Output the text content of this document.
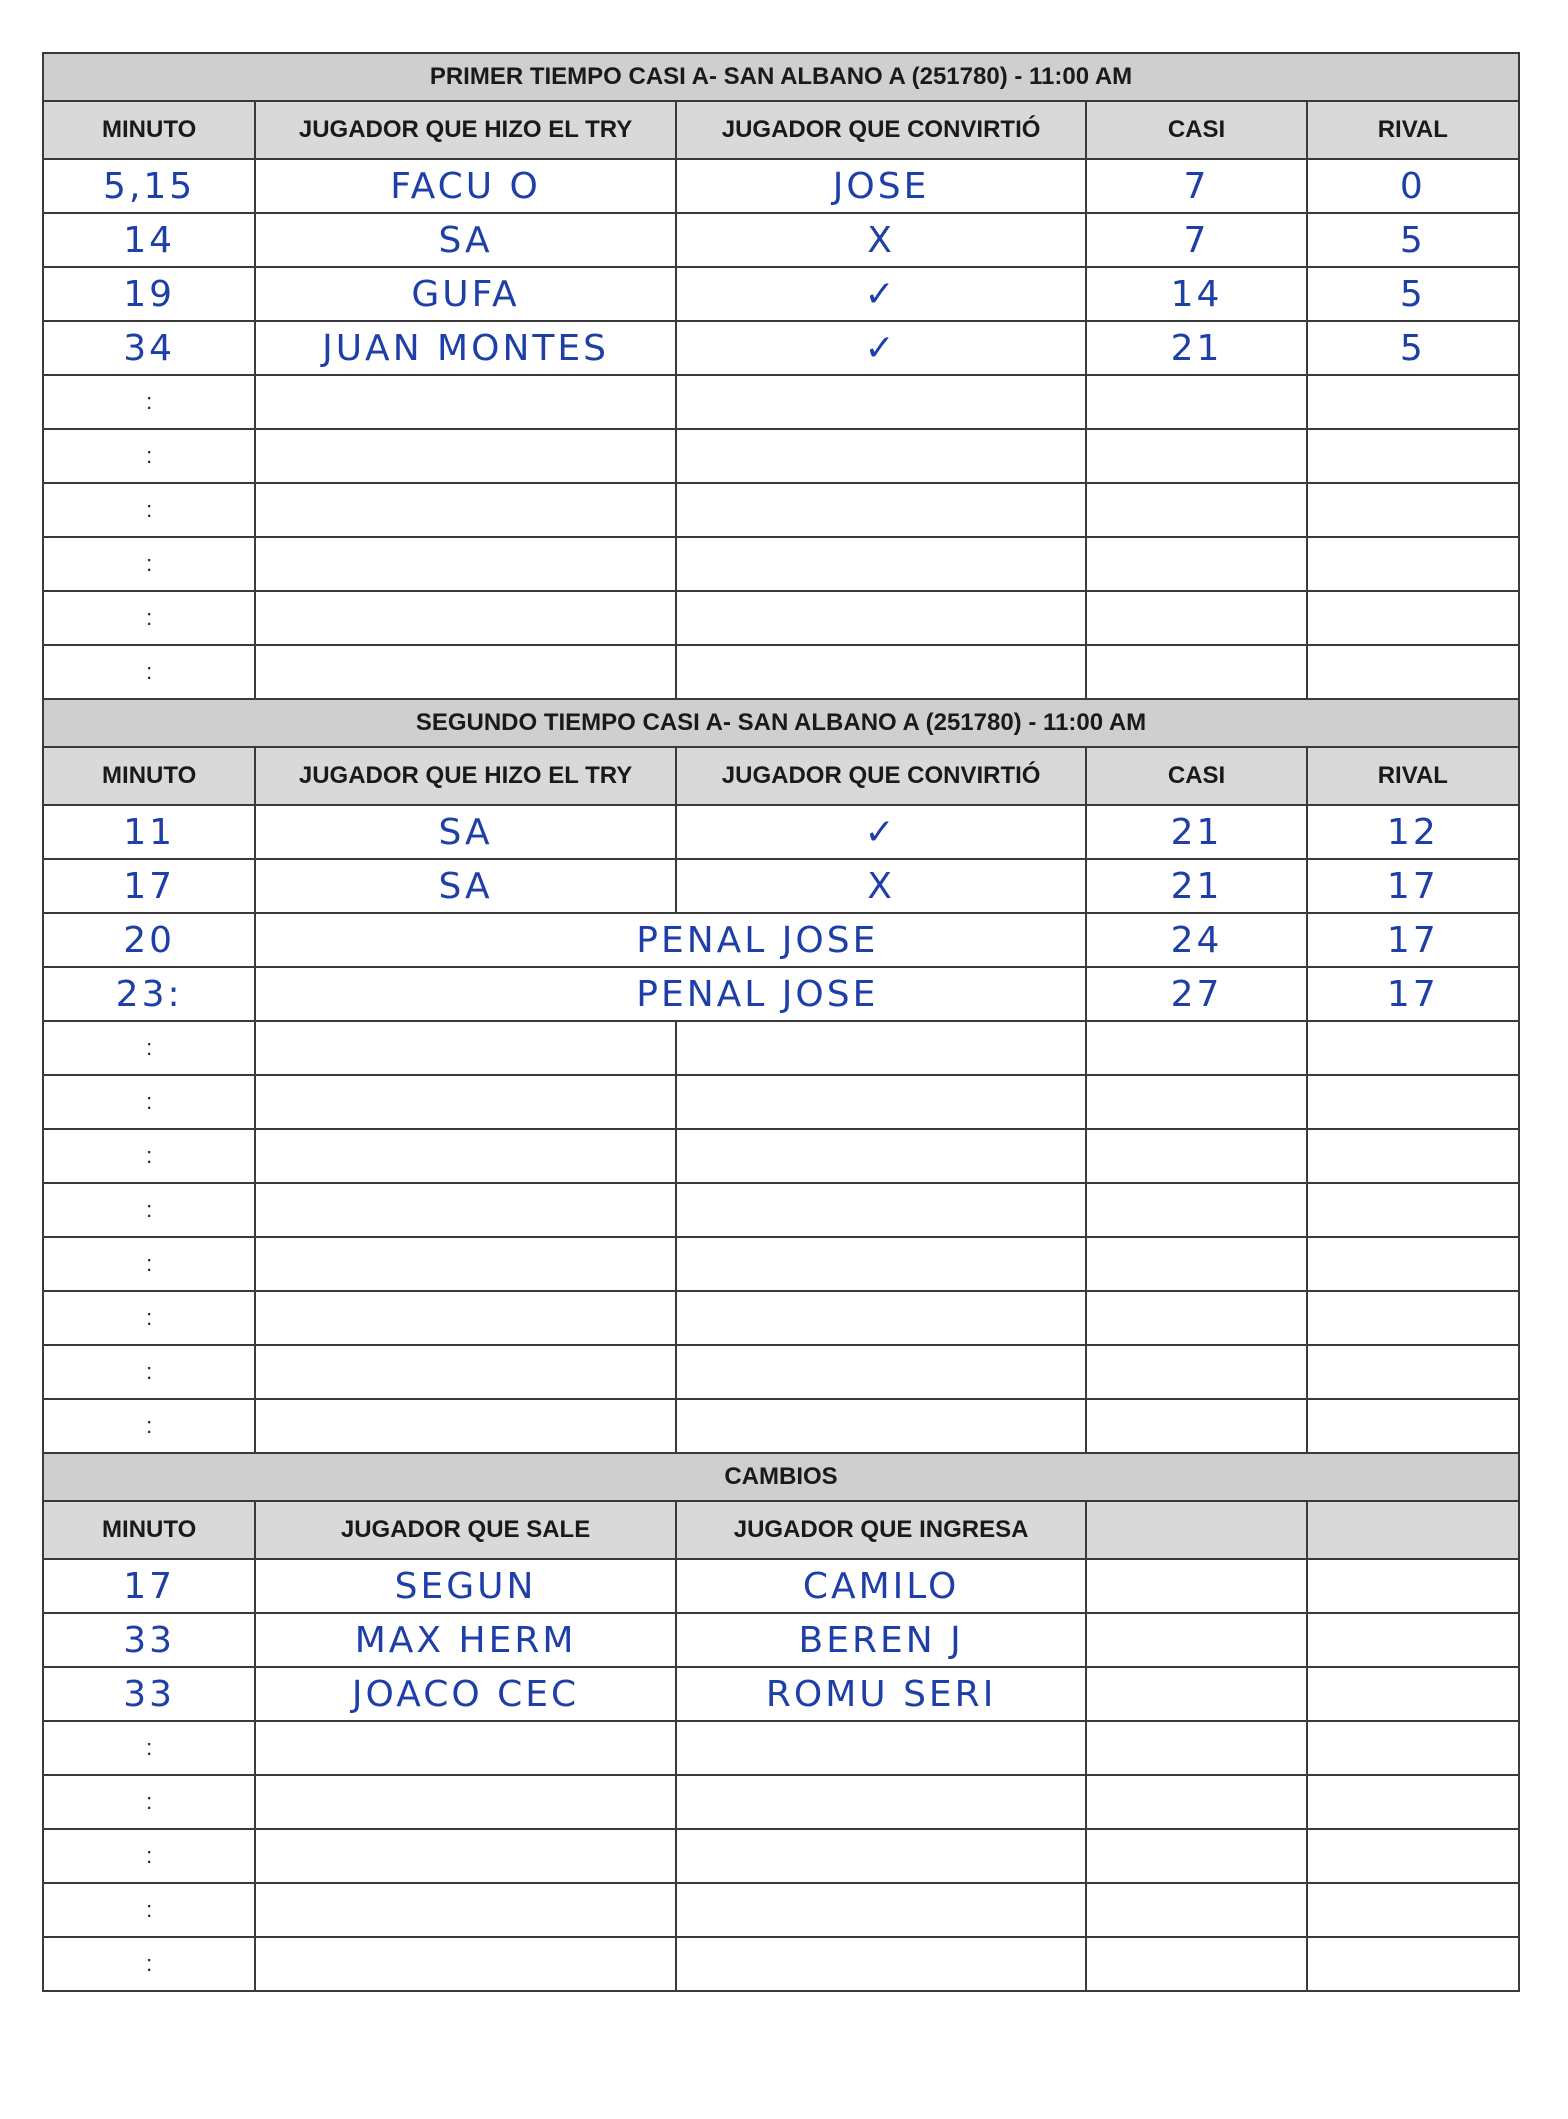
PRIMER TIEMPO CASI A- SAN ALBANO A (251780) - 11:00 AM				
MINUTO	JUGADOR QUE HIZO EL TRY	JUGADOR QUE CONVIRTIÓ	CASI	RIVAL
5,15	FACU O	JOSE	7	0
14	SA	X	7	5
19	GUFA	✓	14	5
34	JUAN MONTES	✓	21	5
:				
:				
:				
:				
:				
:				
SEGUNDO TIEMPO CASI A- SAN ALBANO A (251780) - 11:00 AM				
MINUTO	JUGADOR QUE HIZO EL TRY	JUGADOR QUE CONVIRTIÓ	CASI	RIVAL
11	SA	✓	21	12
17	SA	X	21	17
20	PENAL JOSE		24	17
23:	PENAL JOSE		27	17
:				
:				
:				
:				
:				
:				
:				
:				
CAMBIOS				
MINUTO	JUGADOR QUE SALE	JUGADOR QUE INGRESA		
17	SEGUN	CAMILO		
33	MAX HERM	BEREN J		
33	JOACO CEC	ROMU SERI		
:				
:				
:				
:				
:				
